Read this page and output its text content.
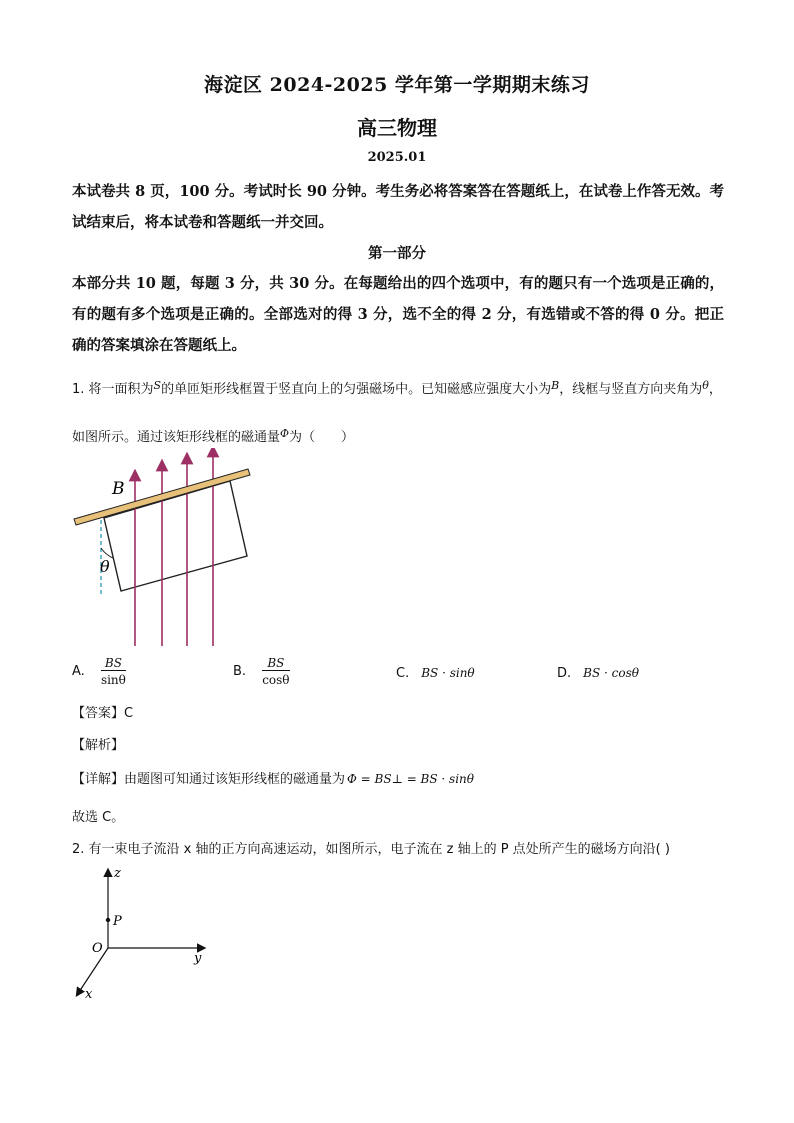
海淀区 2024-2025 学年第一学期期末练习
高三物理
2025.01
本试卷共 8 页，100 分。考试时长 90 分钟。考生务必将答案答在答题纸上，在试卷上作答无效。考试结束后，将本试卷和答题纸一并交回。
第一部分
本部分共 10 题，每题 3 分，共 30 分。在每题给出的四个选项中，有的题只有一个选项是正确的，有的题有多个选项是正确的。全部选对的得 3 分，选不全的得 2 分，有选错或不答的得 0 分。把正确的答案填涂在答题纸上。
1. 将一面积为$^S$的单匝矩形线框置于竖直向上的匀强磁场中。已知磁感应强度大小为$^B$，线框与竖直方向夹角为$^\theta$，如图所示。通过该矩形线框的磁通量$^\Phi$为（　　）
B
θ
A. $\frac{BS}{\sin\theta}$	B. $\frac{BS}{\cos\theta}$	C. BS · sinθ	D. BS · cosθ
【答案】C
【解析】
【详解】由题图可知通过该矩形线框的磁通量为 Φ = BS⊥ = BS · sinθ
故选 C。
2. 有一束电子流沿 x 轴的正方向高速运动，如图所示，电子流在 z 轴上的 P 点处所产生的磁场方向沿( )
z
y
x
O
P
